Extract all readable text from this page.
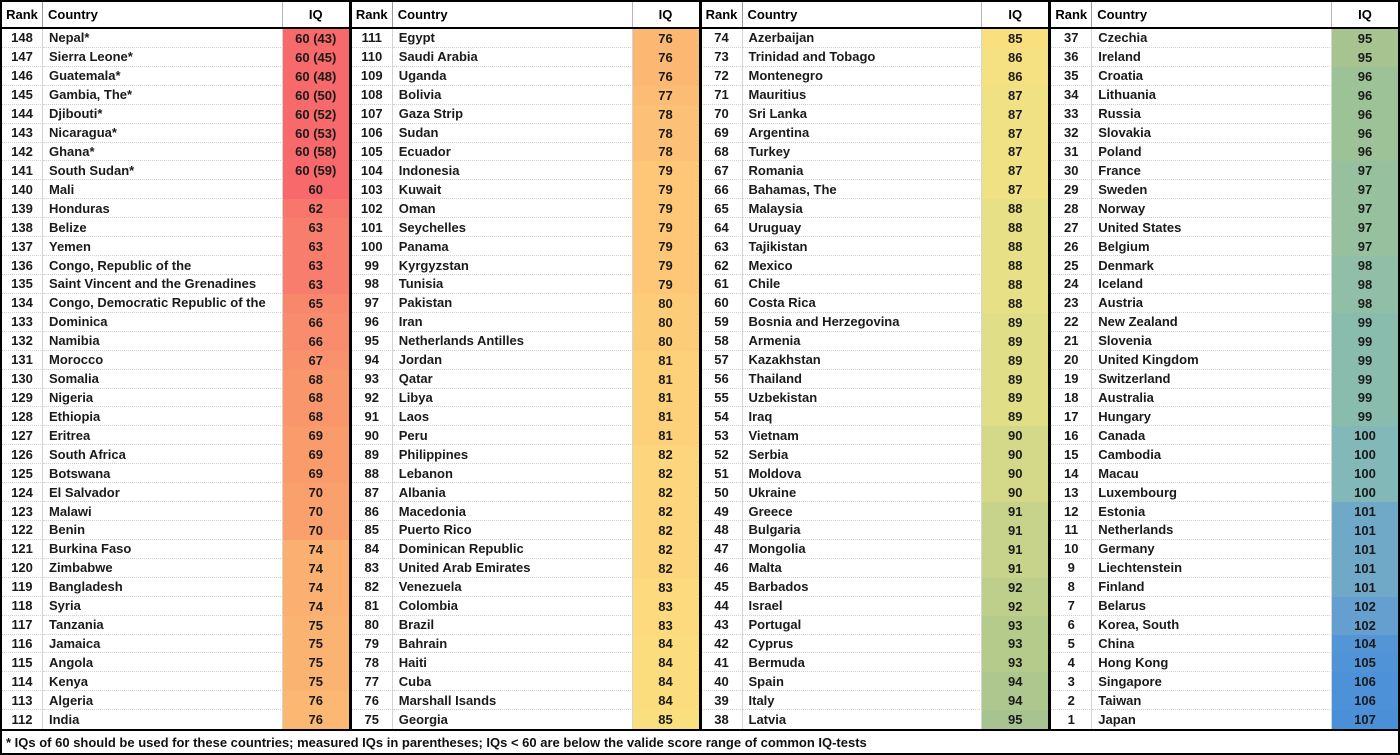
Rank Country	IQ
148	Nepal*	60 (43)
147	Sierra Leone*	60 (45)
146	Guatemala*	60 (48)
145	Gambia, The*	60 (50)
144	Djibouti*	60 (52)
143	Nicaragua*	60 (53)
142	Ghana*	60 (58)
141	South Sudan*	60 (59)
140	Mali	60
139	Honduras	62
138	Belize	63
137	Yemen	63
136	Congo, Republic of the	63
135	Saint Vincent and the Grenadines	63
134	Congo, Democratic Republic of the	65
133	Dominica	66
132	Namibia	66
131	Morocco	67
130	Somalia	68
129	Nigeria	68
128	Ethiopia	68
127	Eritrea	69
126	South Africa	69
125	Botswana	69
124	El Salvador	70
123	Malawi	70
122	Benin	70
121	Burkina Faso	74
120	Zimbabwe	74
119	Bangladesh	74
118	Syria	74
117	Tanzania	75
116	Jamaica	75
115	Angola	75
114	Kenya	75
113	Algeria	76
112	India	76
Rank Country	IQ
111	Egypt	76
110	Saudi Arabia	76
109	Uganda	76
108	Bolivia	77
107	Gaza Strip	78
106	Sudan	78
105	Ecuador	78
104	Indonesia	79
103	Kuwait	79
102	Oman	79
101	Seychelles	79
100	Panama	79
99	Kyrgyzstan	79
98	Tunisia	79
97	Pakistan	80
96	Iran	80
95	Netherlands Antilles	80
94	Jordan	81
93	Qatar	81
92	Libya	81
91	Laos	81
90	Peru	81
89	Philippines	82
88	Lebanon	82
87	Albania	82
86	Macedonia	82
85	Puerto Rico	82
84	Dominican Republic	82
83	United Arab Emirates	82
82	Venezuela	83
81	Colombia	83
80	Brazil	83
79	Bahrain	84
78	Haiti	84
77	Cuba	84
76	Marshall Isands	84
75	Georgia	85
Rank Country	IQ
74	Azerbaijan	85
73	Trinidad and Tobago	86
72	Montenegro	86
71	Mauritius	87
70	Sri Lanka	87
69	Argentina	87
68	Turkey	87
67	Romania	87
66	Bahamas, The	87
65	Malaysia	88
64	Uruguay	88
63	Tajikistan	88
62	Mexico	88
61	Chile	88
60	Costa Rica	88
59	Bosnia and Herzegovina	89
58	Armenia	89
57	Kazakhstan	89
56	Thailand	89
55	Uzbekistan	89
54	Iraq	89
53	Vietnam	90
52	Serbia	90
51	Moldova	90
50	Ukraine	90
49	Greece	91
48	Bulgaria	91
47	Mongolia	91
46	Malta	91
45	Barbados	92
44	Israel	92
43	Portugal	93
42	Cyprus	93
41	Bermuda	93
40	Spain	94
39	Italy	94
38	Latvia	95
Rank Country	IQ
37	Czechia	95
36	Ireland	95
35	Croatia	96
34	Lithuania	96
33	Russia	96
32	Slovakia	96
31	Poland	96
30	France	97
29	Sweden	97
28	Norway	97
27	United States	97
26	Belgium	97
25	Denmark	98
24	Iceland	98
23	Austria	98
22	New Zealand	99
21	Slovenia	99
20	United Kingdom	99
19	Switzerland	99
18	Australia	99
17	Hungary	99
16	Canada	100
15	Cambodia	100
14	Macau	100
13	Luxembourg	100
12	Estonia	101
11	Netherlands	101
10	Germany	101
9	Liechtenstein	101
8	Finland	101
7	Belarus	102
6	Korea, South	102
5	China	104
4	Hong Kong	105
3	Singapore	106
2	Taiwan	106
1	Japan	107
* IQs of 60 should be used for these countries; measured IQs in parentheses; IQs < 60 are below the valide score range of common IQ-tests
